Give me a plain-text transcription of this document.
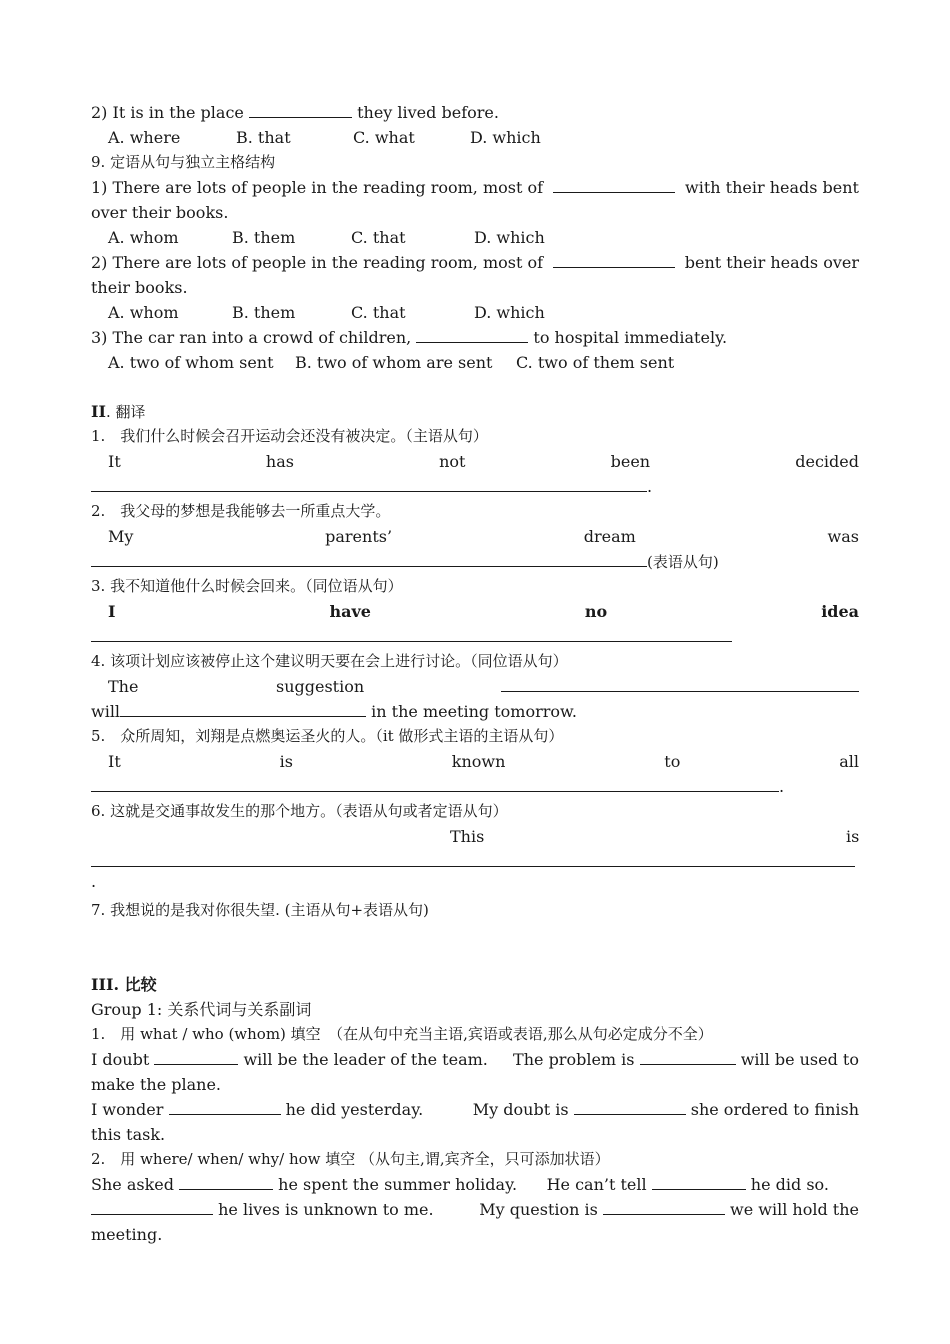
2) It is in the place	they lived before.
A. where	B. that	C. what	D. which
9. 定语从句与独立主格结构
1) There are lots of people in the reading room, most of	with their heads bent
over their books.
A. whom	B. them	C. that	D. which
2) There are lots of people in the reading room, most of	bent their heads over
their books.
A. whom	B. them	C. that	D. which
3) The car ran into a crowd of children,	to hospital immediately.
A. two of whom sent B. two of whom are sent C. two of them sent
II. 翻译
1.　我们什么时候会召开运动会还没有被决定。（主语从句）
It	has	not	been	decided
.
2.　我父母的梦想是我能够去一所重点大学。
My	parents’	dream	was
(表语从句)
3. 我不知道他什么时候会回来。（同位语从句）
I	have	no	idea
4. 该项计划应该被停止这个建议明天要在会上进行讨论。（同位语从句）
The	suggestion
will	in the meeting tomorrow.
5.　众所周知，刘翔是点燃奥运圣火的人。（it 做形式主语的主语从句）
It	is	known	to	all
.
6. 这就是交通事故发生的那个地方。（表语从句或者定语从句）
This	is
.
7. 我想说的是我对你很失望. (主语从句+表语从句)
III. 比较
Group 1: 关系代词与关系副词
1.　用 what / who (whom) 填空　（在从句中充当主语,宾语或表语,那么从句必定成分不全）
I doubt	will be the leader of the team. The problem is	will be used to
make the plane.
I wonder	he did yesterday.	My doubt is	she ordered to finish
this task.
2.　用 where/ when/ why/ how 填空 （从句主,谓,宾齐全，只可添加状语）
She asked	he spent the summer holiday. He can’t tell	he did so.
he lives is unknown to me.	My question is	we will hold the
meeting.
